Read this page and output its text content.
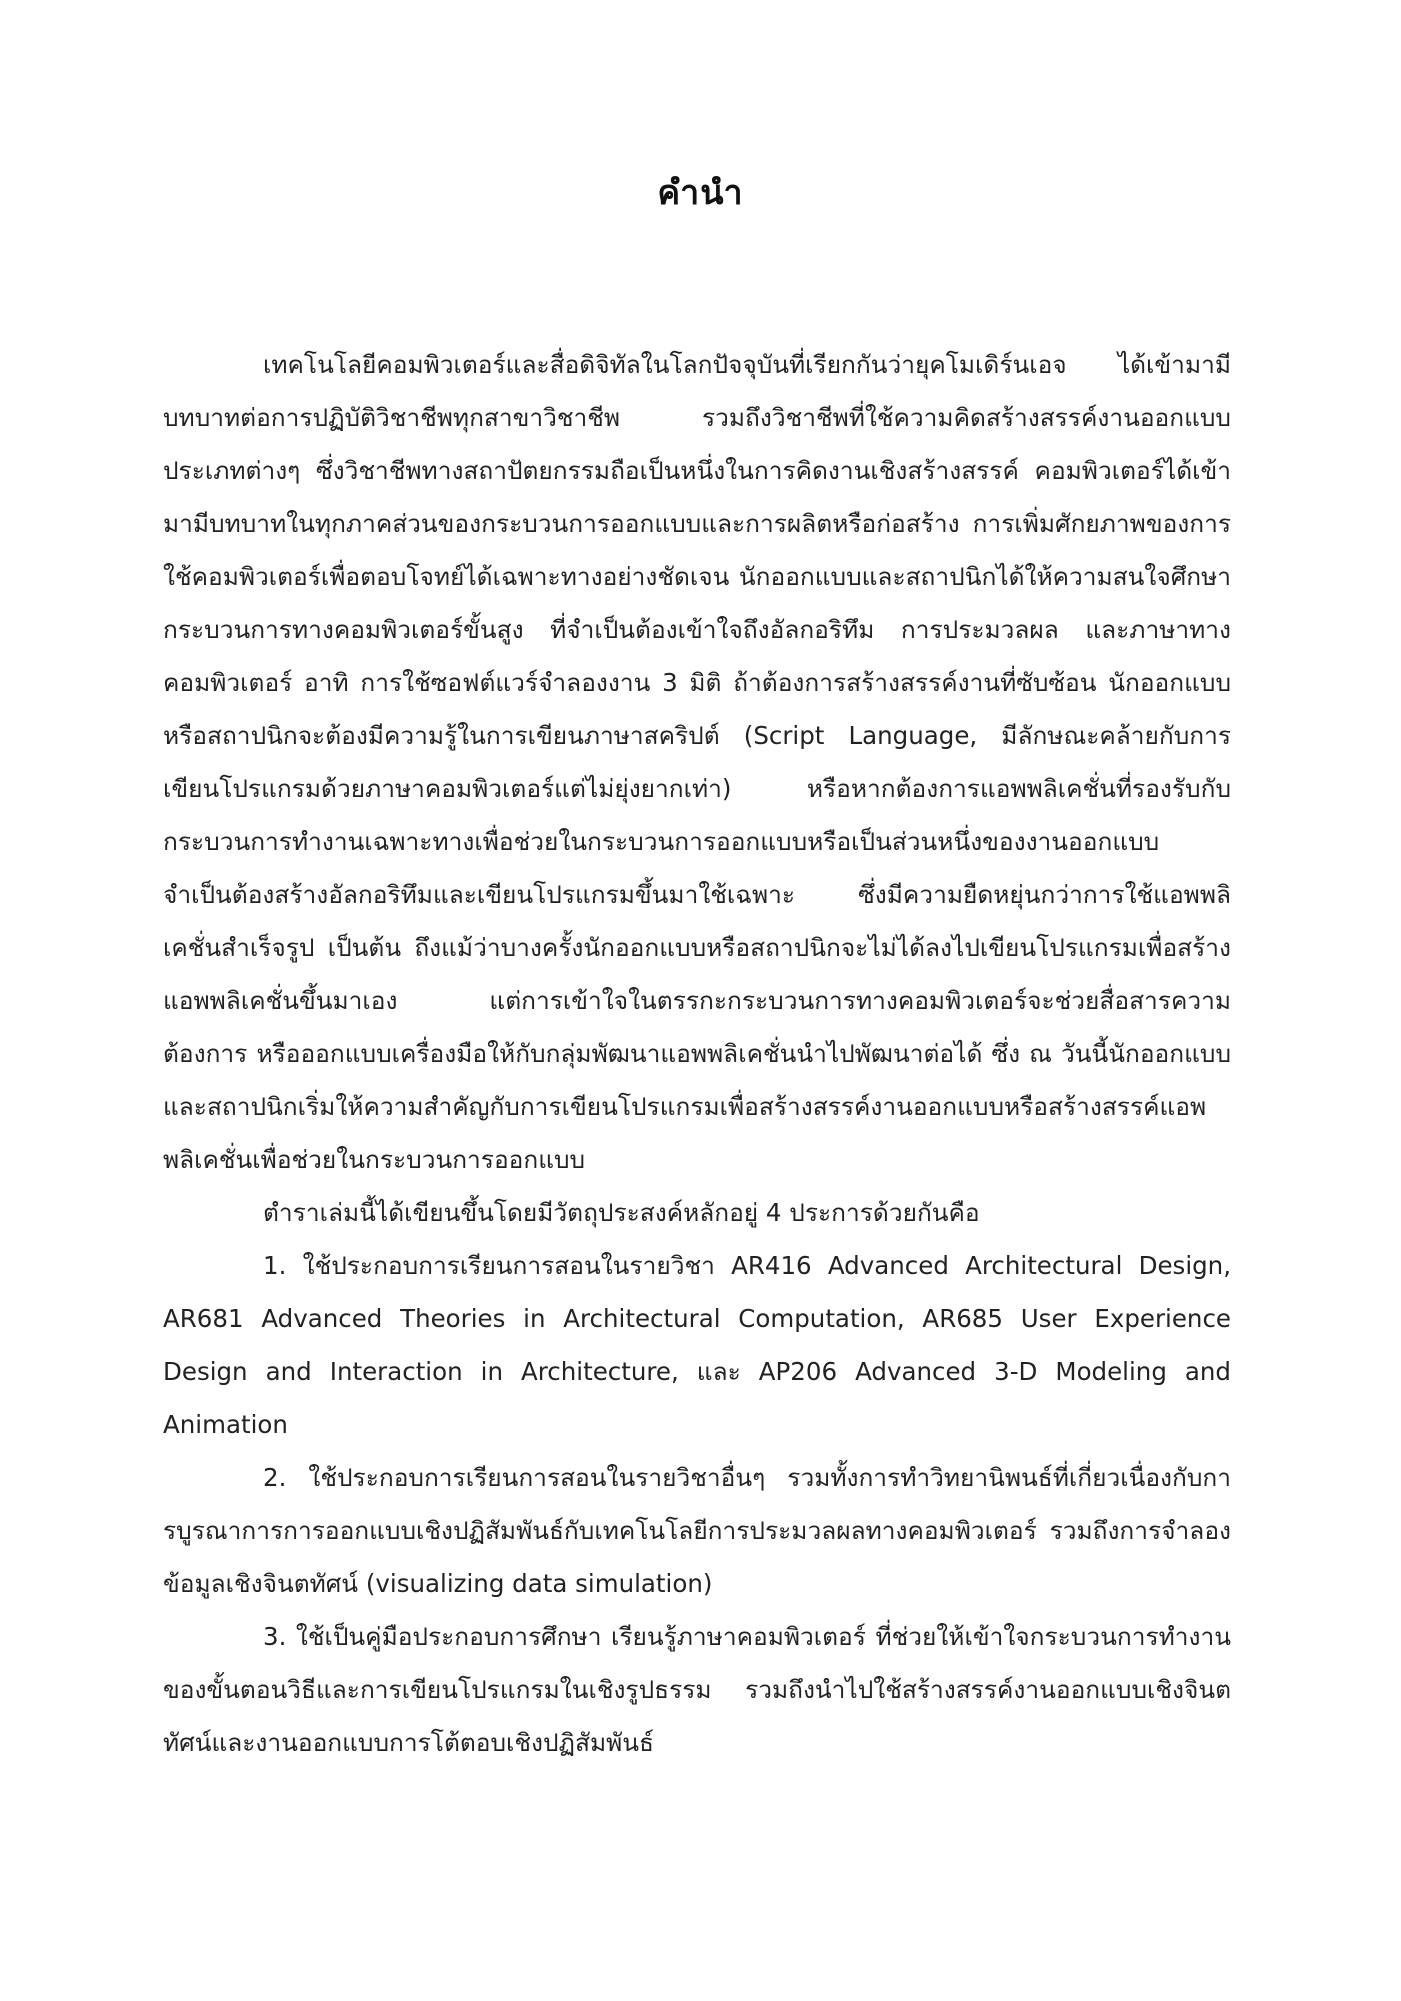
คำนำ

เทคโนโลยีคอมพิวเตอร์และสื่อดิจิทัลในโลกปัจจุบันที่เรียกกันว่ายุคโมเดิร์นเอจ ได้เข้ามามีบทบาทต่อการปฏิบัติวิชาชีพทุกสาขาวิชาชีพ รวมถึงวิชาชีพที่ใช้ความคิดสร้างสรรค์งานออกแบบประเภทต่างๆ ซึ่งวิชาชีพทางสถาปัตยกรรมถือเป็นหนึ่งในการคิดงานเชิงสร้างสรรค์ คอมพิวเตอร์ได้เข้ามามีบทบาทในทุกภาคส่วนของกระบวนการออกแบบและการผลิตหรือก่อสร้าง การเพิ่มศักยภาพของการใช้คอมพิวเตอร์เพื่อตอบโจทย์ได้เฉพาะทางอย่างชัดเจน นักออกแบบและสถาปนิกได้ให้ความสนใจศึกษากระบวนการทางคอมพิวเตอร์ขั้นสูง ที่จำเป็นต้องเข้าใจถึงอัลกอริทึม การประมวลผล และภาษาทางคอมพิวเตอร์ อาทิ การใช้ซอฟต์แวร์จำลองงาน 3 มิติ ถ้าต้องการสร้างสรรค์งานที่ซับซ้อน นักออกแบบหรือสถาปนิกจะต้องมีความรู้ในการเขียนภาษาสคริปต์ (Script Language, มีลักษณะคล้ายกับการเขียนโปรแกรมด้วยภาษาคอมพิวเตอร์แต่ไม่ยุ่งยากเท่า) หรือหากต้องการแอพพลิเคชั่นที่รองรับกับกระบวนการทำงานเฉพาะทางเพื่อช่วยในกระบวนการออกแบบหรือเป็นส่วนหนึ่งของงานออกแบบ จำเป็นต้องสร้างอัลกอริทึมและเขียนโปรแกรมขึ้นมาใช้เฉพาะ ซึ่งมีความยืดหยุ่นกว่าการใช้แอพพลิเคชั่นสำเร็จรูป เป็นต้น ถึงแม้ว่าบางครั้งนักออกแบบหรือสถาปนิกจะไม่ได้ลงไปเขียนโปรแกรมเพื่อสร้างแอพพลิเคชั่นขึ้นมาเอง แต่การเข้าใจในตรรกะกระบวนการทางคอมพิวเตอร์จะช่วยสื่อสารความต้องการ หรือออกแบบเครื่องมือให้กับกลุ่มพัฒนาแอพพลิเคชั่นนำไปพัฒนาต่อได้ ซึ่ง ณ วันนี้นักออกแบบและสถาปนิกเริ่มให้ความสำคัญกับการเขียนโปรแกรมเพื่อสร้างสรรค์งานออกแบบหรือสร้างสรรค์แอพพลิเคชั่นเพื่อช่วยในกระบวนการออกแบบ

ตำราเล่มนี้ได้เขียนขึ้นโดยมีวัตถุประสงค์หลักอยู่ 4 ประการด้วยกันคือ

1. ใช้ประกอบการเรียนการสอนในรายวิชา AR416 Advanced Architectural Design, AR681 Advanced Theories in Architectural Computation, AR685 User Experience Design and Interaction in Architecture, และ AP206 Advanced 3-D Modeling and Animation

2. ใช้ประกอบการเรียนการสอนในรายวิชาอื่นๆ รวมทั้งการทำวิทยานิพนธ์ที่เกี่ยวเนื่องกับการบูรณาการการออกแบบเชิงปฏิสัมพันธ์กับเทคโนโลยีการประมวลผลทางคอมพิวเตอร์ รวมถึงการจำลองข้อมูลเชิงจินตทัศน์ (visualizing data simulation)

3. ใช้เป็นคู่มือประกอบการศึกษา เรียนรู้ภาษาคอมพิวเตอร์ ที่ช่วยให้เข้าใจกระบวนการทำงานของขั้นตอนวิธีและการเขียนโปรแกรมในเชิงรูปธรรม รวมถึงนำไปใช้สร้างสรรค์งานออกแบบเชิงจินตทัศน์และงานออกแบบการโต้ตอบเชิงปฏิสัมพันธ์
